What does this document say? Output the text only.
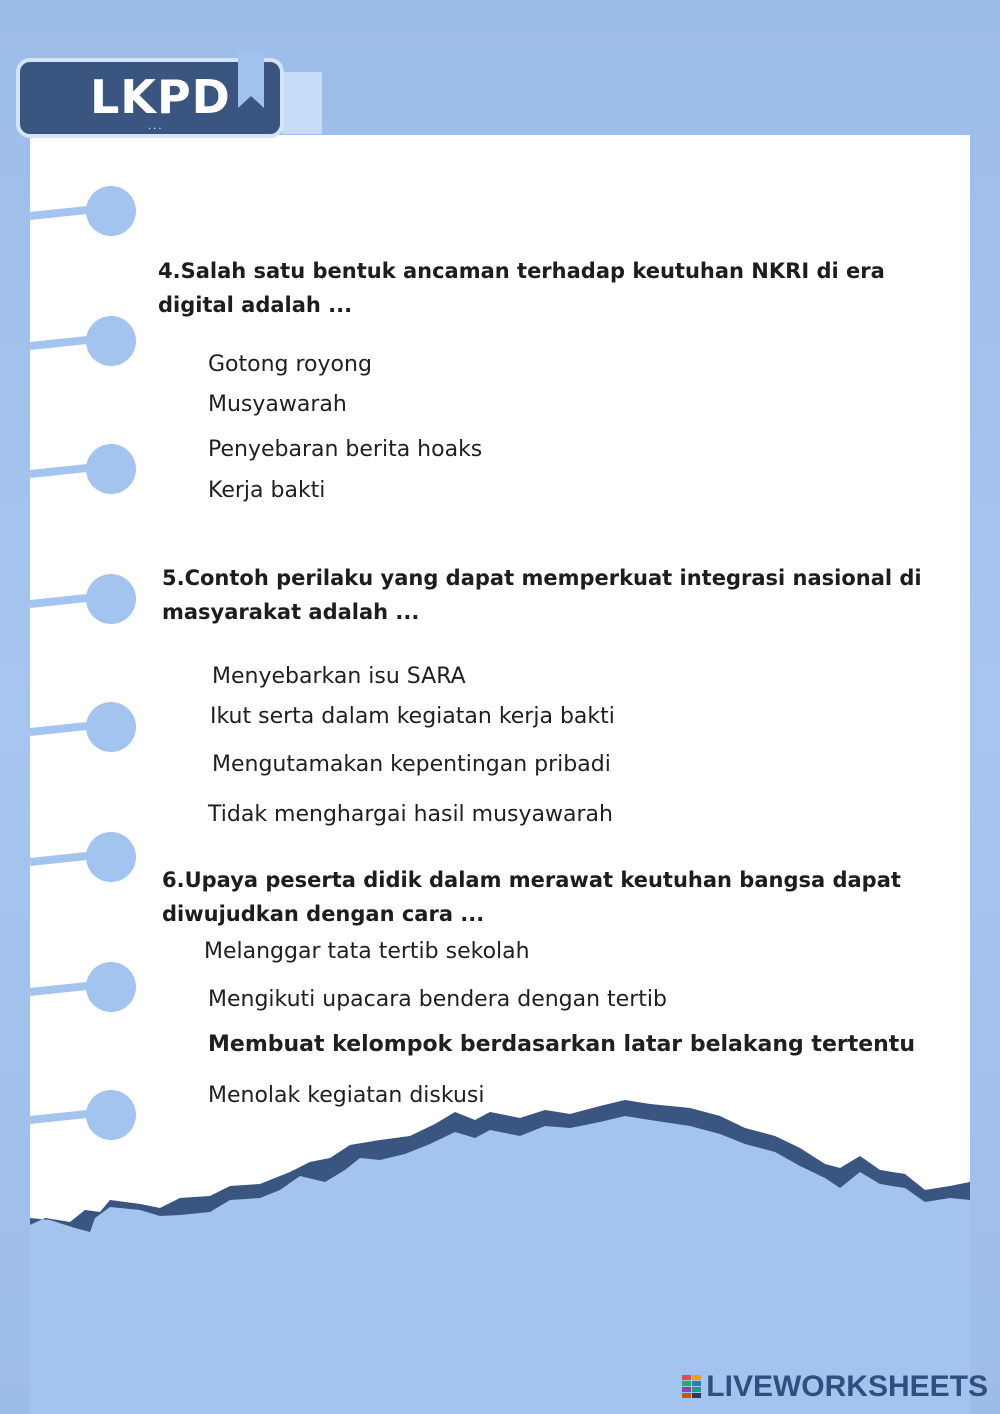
LKPD
···

4.Salah satu bentuk ancaman terhadap keutuhan NKRI di era digital adalah ...

Gotong royong
Musyawarah
Penyebaran berita hoaks
Kerja bakti

5.Contoh perilaku yang dapat memperkuat integrasi nasional di masyarakat adalah ...

Menyebarkan isu SARA
Ikut serta dalam kegiatan kerja bakti
Mengutamakan kepentingan pribadi
Tidak menghargai hasil musyawarah

6.Upaya peserta didik dalam merawat keutuhan bangsa dapat diwujudkan dengan cara ...

Melanggar tata tertib sekolah
Mengikuti upacara bendera dengan tertib
Membuat kelompok berdasarkan latar belakang tertentu
Menolak kegiatan diskusi
LIVEWORKSHEETS
